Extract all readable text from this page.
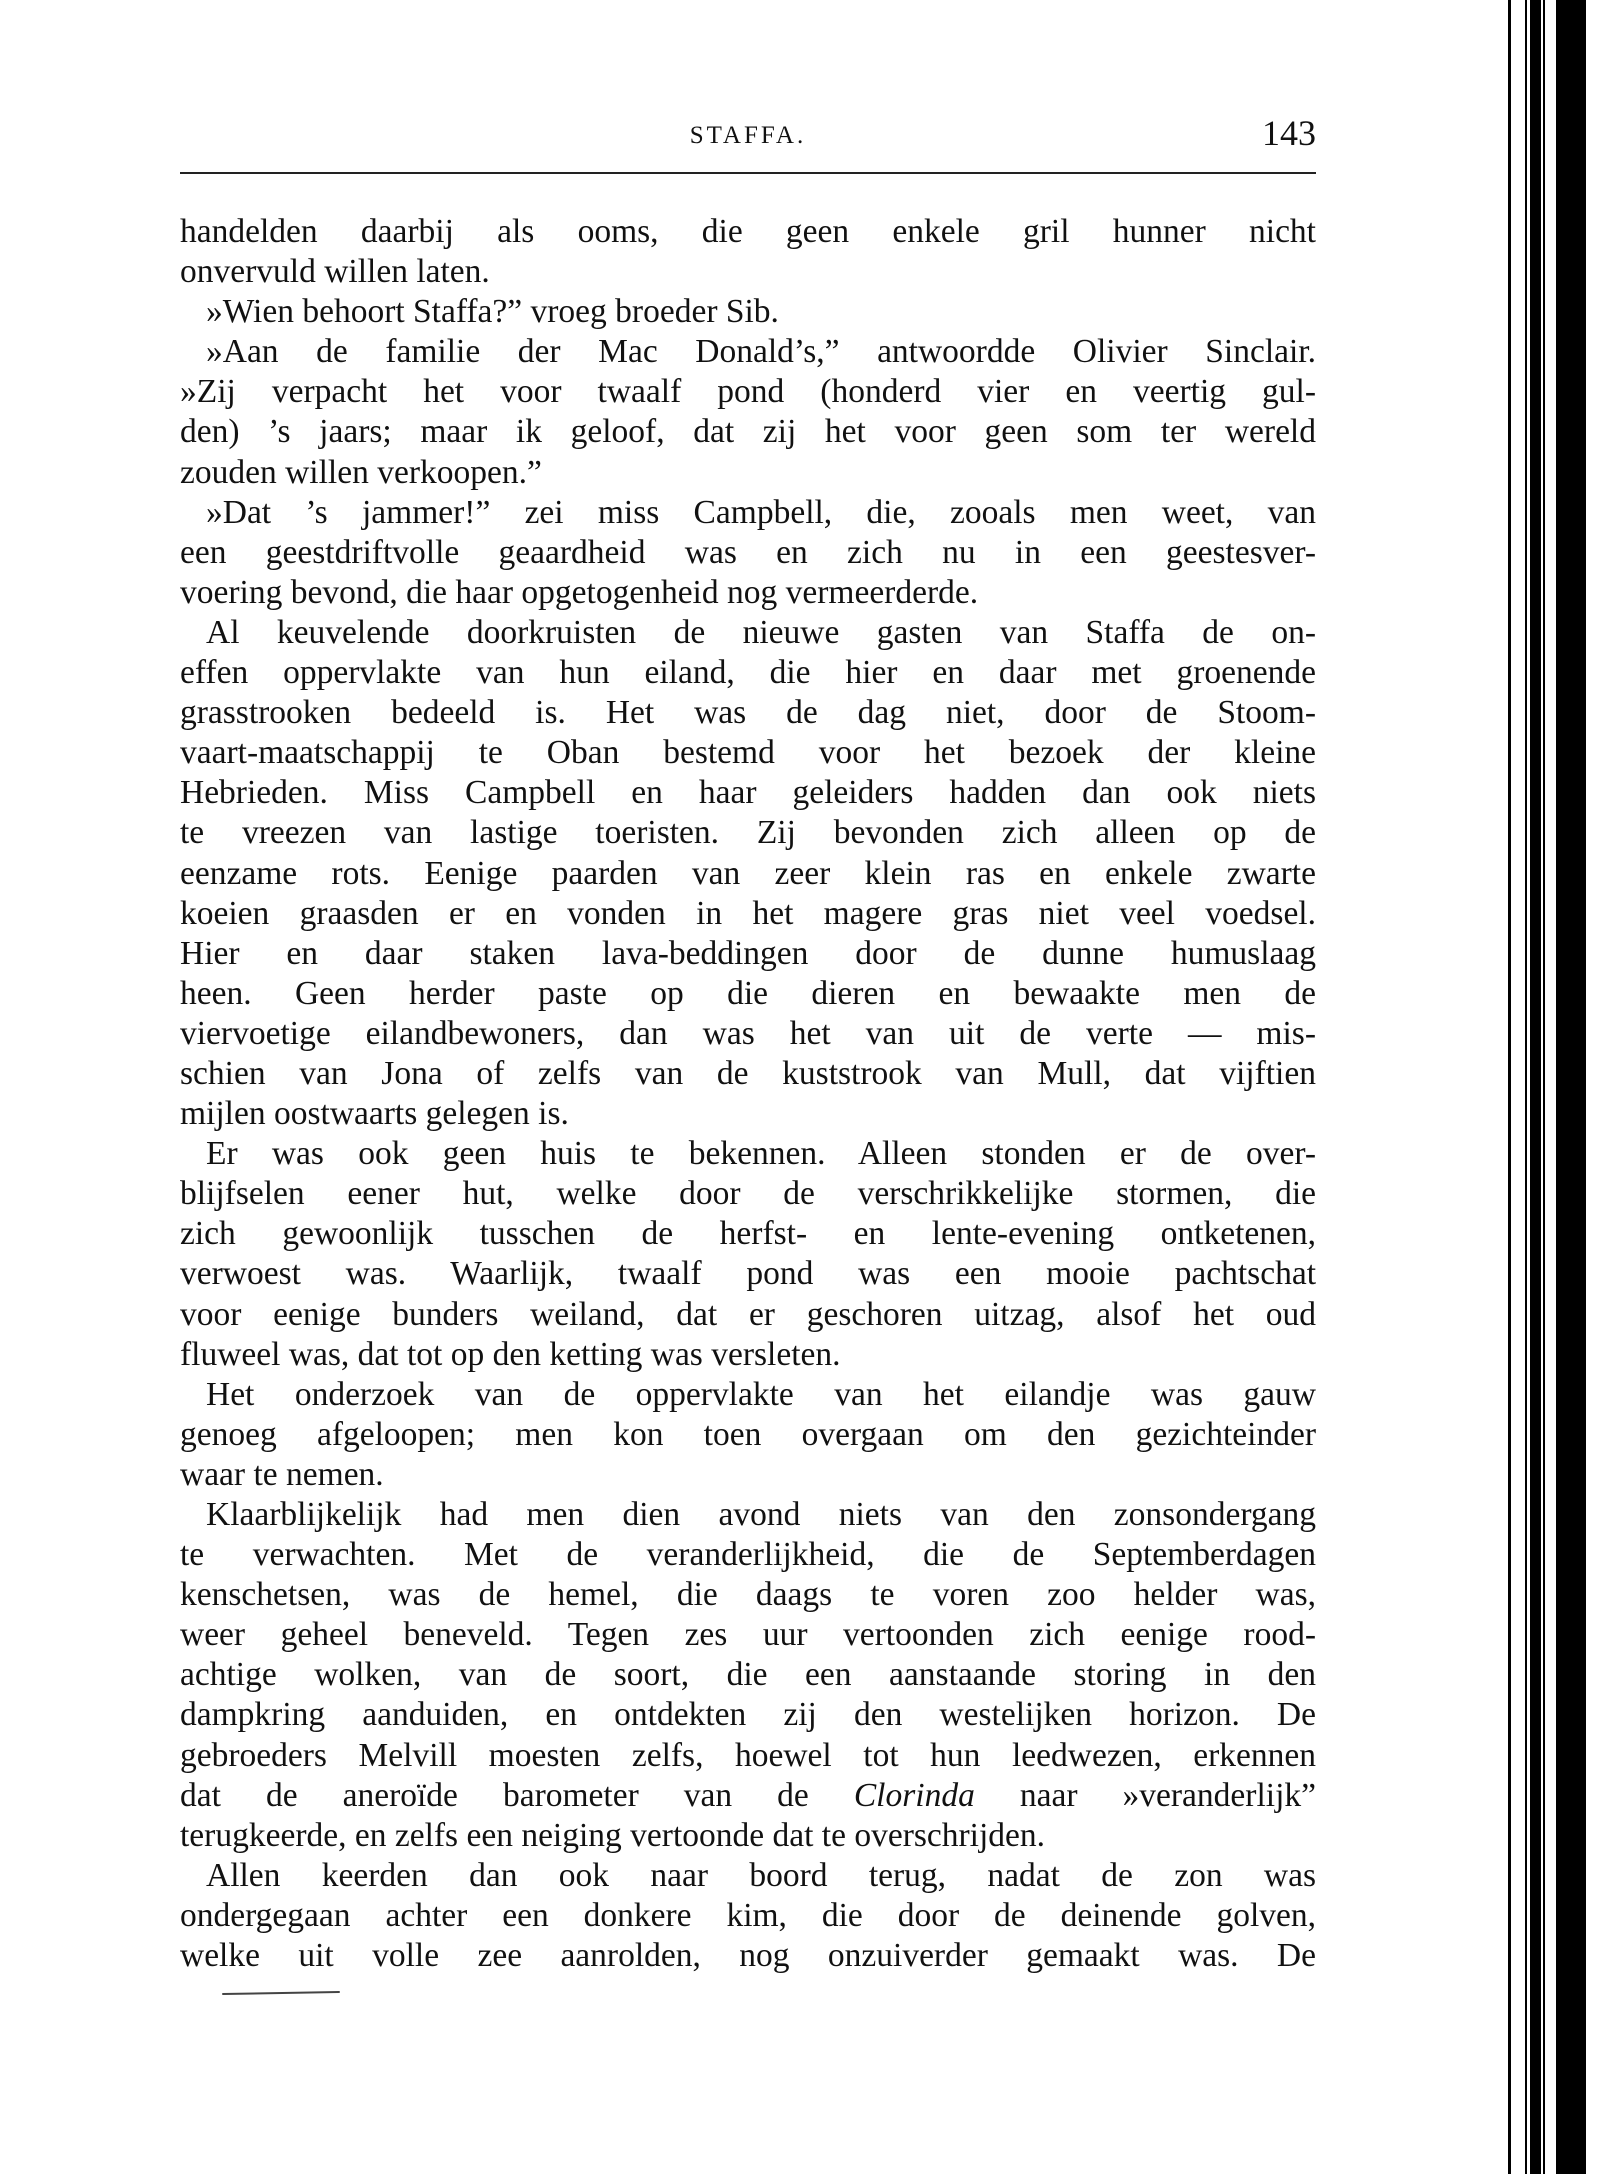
STAFFA.	143
handelden daarbij als ooms, die geen enkele gril hunner nicht
onvervuld willen laten.
»Wien behoort Staffa?” vroeg broeder Sib.
»Aan de familie der Mac Donald’s,” antwoordde Olivier Sinclair.
»Zij verpacht het voor twaalf pond (honderd vier en veertig gul-
den) ’s jaars; maar ik geloof, dat zij het voor geen som ter wereld
zouden willen verkoopen.”
»Dat ’s jammer!” zei miss Campbell, die, zooals men weet, van
een geestdriftvolle geaardheid was en zich nu in een geestesver-
voering bevond, die haar opgetogenheid nog vermeerderde.
Al keuvelende doorkruisten de nieuwe gasten van Staffa de on-
effen oppervlakte van hun eiland, die hier en daar met groenende
grasstrooken bedeeld is. Het was de dag niet, door de Stoom-
vaart-maatschappij te Oban bestemd voor het bezoek der kleine
Hebrieden. Miss Campbell en haar geleiders hadden dan ook niets
te vreezen van lastige toeristen. Zij bevonden zich alleen op de
eenzame rots. Eenige paarden van zeer klein ras en enkele zwarte
koeien graasden er en vonden in het magere gras niet veel voedsel.
Hier en daar staken lava-beddingen door de dunne humuslaag
heen. Geen herder paste op die dieren en bewaakte men de
viervoetige eilandbewoners, dan was het van uit de verte — mis-
schien van Jona of zelfs van de kuststrook van Mull, dat vijftien
mijlen oostwaarts gelegen is.
Er was ook geen huis te bekennen. Alleen stonden er de over-
blijfselen eener hut, welke door de verschrikkelijke stormen, die
zich gewoonlijk tusschen de herfst- en lente-evening ontketenen,
verwoest was. Waarlijk, twaalf pond was een mooie pachtschat
voor eenige bunders weiland, dat er geschoren uitzag, alsof het oud
fluweel was, dat tot op den ketting was versleten.
Het onderzoek van de oppervlakte van het eilandje was gauw
genoeg afgeloopen; men kon toen overgaan om den gezichteinder
waar te nemen.
Klaarblijkelijk had men dien avond niets van den zonsondergang
te verwachten. Met de veranderlijkheid, die de Septemberdagen
kenschetsen, was de hemel, die daags te voren zoo helder was,
weer geheel beneveld. Tegen zes uur vertoonden zich eenige rood-
achtige wolken, van de soort, die een aanstaande storing in den
dampkring aanduiden, en ontdekten zij den westelijken horizon. De
gebroeders Melvill moesten zelfs, hoewel tot hun leedwezen, erkennen
dat de aneroïde barometer van de Clorinda naar »veranderlijk”
terugkeerde, en zelfs een neiging vertoonde dat te overschrijden.
Allen keerden dan ook naar boord terug, nadat de zon was
ondergegaan achter een donkere kim, die door de deinende golven,
welke uit volle zee aanrolden, nog onzuiverder gemaakt was. De
